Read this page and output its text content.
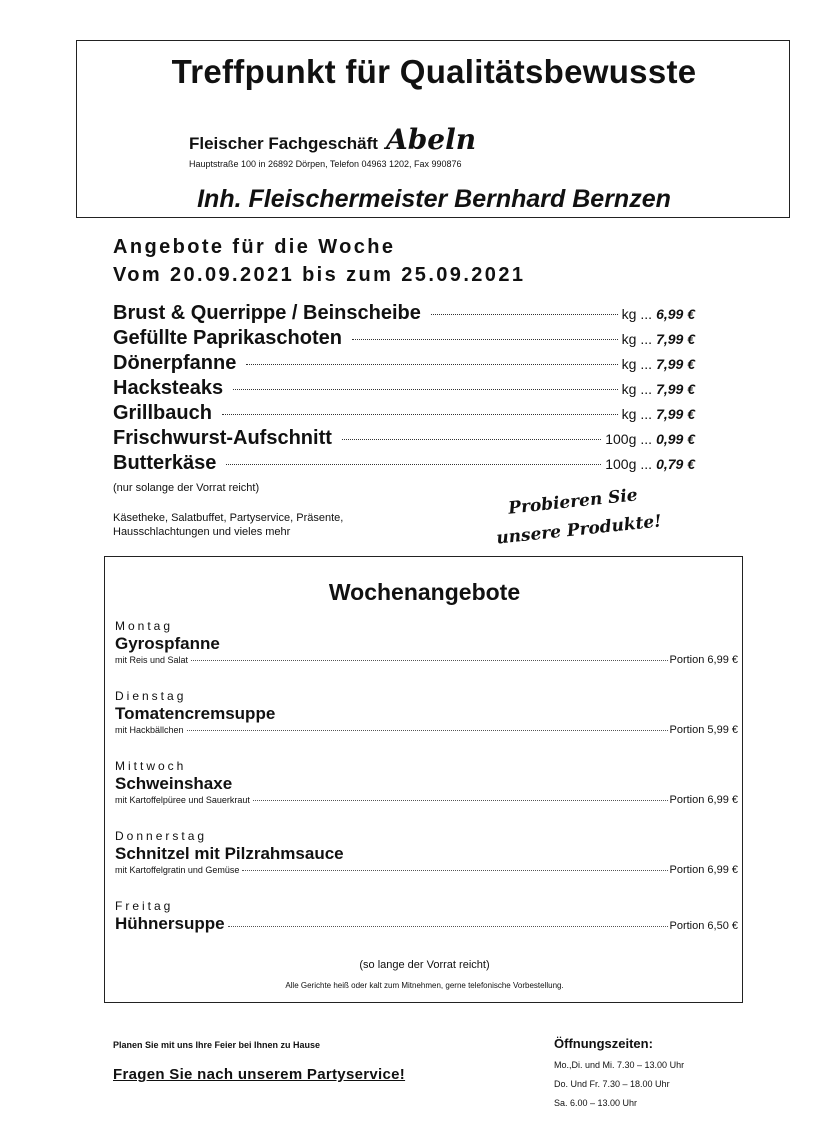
Treffpunkt für Qualitätsbewusste
Fleischer Fachgeschäft Abeln
Hauptstraße 100 in 26892 Dörpen, Telefon 04963 1202, Fax 990876
Inh. Fleischermeister Bernhard Bernzen
Angebote für die Woche
Vom 20.09.2021 bis zum 25.09.2021
Brust & Querrippe / Beinscheibe	kg ... 6,99 €
Gefüllte Paprikaschoten	kg ... 7,99 €
Dönerpfanne	kg ... 7,99 €
Hacksteaks	kg ... 7,99 €
Grillbauch	kg ... 7,99 €
Frischwurst-Aufschnitt	100g ... 0,99 €
Butterkäse	100g ... 0,79 €
(nur solange der Vorrat reicht)
Käsetheke, Salatbuffet, Partyservice, Präsente,
Hausschlachtungen und vieles mehr
Probieren Sie
unsere Produkte!
Wochenangebote
Montag
Gyrospfanne
mit Reis und Salat	Portion 6,99 €
Dienstag
Tomatencremsuppe
mit Hackbällchen	Portion 5,99 €
Mittwoch
Schweinshaxe
mit Kartoffelpüree und Sauerkraut	Portion 6,99 €
Donnerstag
Schnitzel mit Pilzrahmsauce
mit Kartoffelgratin und Gemüse	Portion 6,99 €
Freitag
Hühnersuppe	Portion 6,50 €
(so lange der Vorrat reicht)
Alle Gerichte heiß oder kalt zum Mitnehmen, gerne telefonische Vorbestellung.
Planen Sie mit uns Ihre Feier bei Ihnen zu Hause
Fragen Sie nach unserem Partyservice!
Öffnungszeiten:
Mo.,Di. und Mi. 7.30 – 13.00 Uhr
Do. Und Fr. 7.30 – 18.00 Uhr
Sa. 6.00 – 13.00 Uhr
